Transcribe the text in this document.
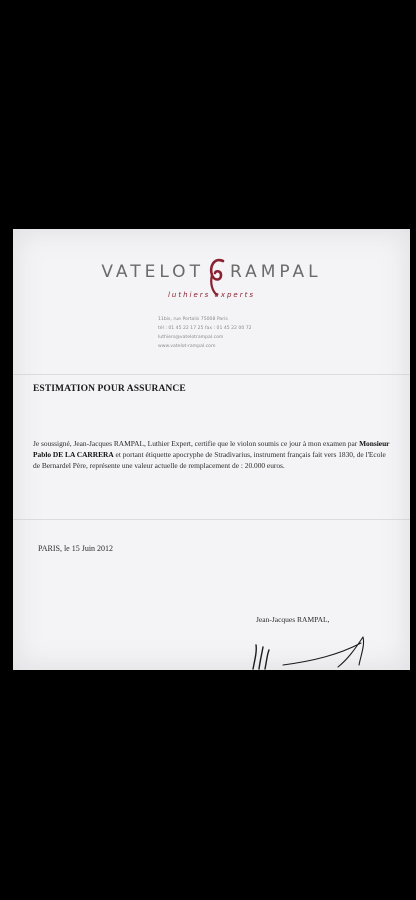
VATELOT RAMPAL
luthiers experts
11bis, rue Portalis 75008 Paris
tél : 01 45 22 17 25 fax : 01 45 22 00 72
luthiers@vatelotrampal.com
www.vatelot-rampal.com
ESTIMATION POUR ASSURANCE
Je soussigné, Jean-Jacques RAMPAL, Luthier Expert, certifie que le violon soumis ce jour à mon examen par Monsieur Pablo DE LA CARRERA et portant étiquette apocryphe de Stradivarius, instrument français fait vers 1830, de l'Ecole de Bernardel Père, représente une valeur actuelle de remplacement de : 20.000 euros.
PARIS, le 15 Juin 2012
Jean-Jacques RAMPAL,
